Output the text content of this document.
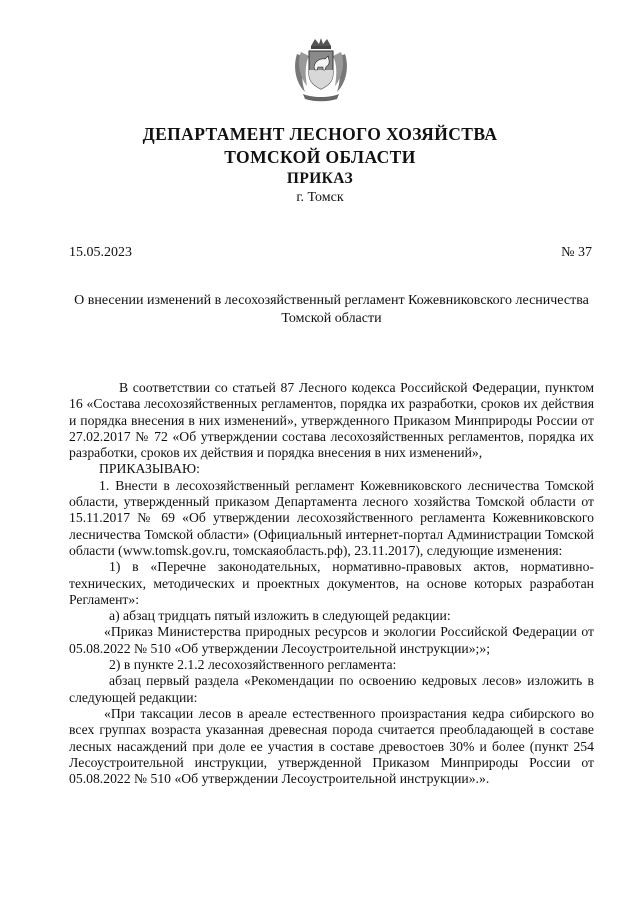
ДЕПАРТАМЕНТ ЛЕСНОГО ХОЗЯЙСТВА
ТОМСКОЙ ОБЛАСТИ
ПРИКАЗ
г. Томск
15.05.2023	№ 37
О внесении изменений в лесохозяйственный регламент Кожевниковского лесничества Томской области

В соответствии со статьей 87 Лесного кодекса Российской Федерации, пунктом 16 «Состава лесохозяйственных регламентов, порядка их разработки, сроков их действия и порядка внесения в них изменений», утвержденного Приказом Минприроды России от 27.02.2017 № 72 «Об утверждении состава лесохозяйственных регламентов, порядка их разработки, сроков их действия и порядка внесения в них изменений»,

ПРИКАЗЫВАЮ:

1. Внести в лесохозяйственный регламент Кожевниковского лесничества Томской области, утвержденный приказом Департамента лесного хозяйства Томской области от 15.11.2017 № 69 «Об утверждении лесохозяйственного регламента Кожевниковского лесничества Томской области» (Официальный интернет-портал Администрации Томской области (www.tomsk.gov.ru, томскаяобласть.рф), 23.11.2017), следующие изменения:

1) в «Перечне законодательных, нормативно-правовых актов, нормативно-технических, методических и проектных документов, на основе которых разработан Регламент»:

а) абзац тридцать пятый изложить в следующей редакции:

«Приказ Министерства природных ресурсов и экологии Российской Федерации от 05.08.2022 № 510 «Об утверждении Лесоустроительной инструкции»;»;

2) в пункте 2.1.2 лесохозяйственного регламента:

абзац первый раздела «Рекомендации по освоению кедровых лесов» изложить в следующей редакции:

«При таксации лесов в ареале естественного произрастания кедра сибирского во всех группах возраста указанная древесная порода считается преобладающей в составе лесных насаждений при доле ее участия в составе древостоев 30% и более (пункт 254 Лесоустроительной инструкции, утвержденной Приказом Минприроды России от 05.08.2022 № 510 «Об утверждении Лесоустроительной инструкции».».
